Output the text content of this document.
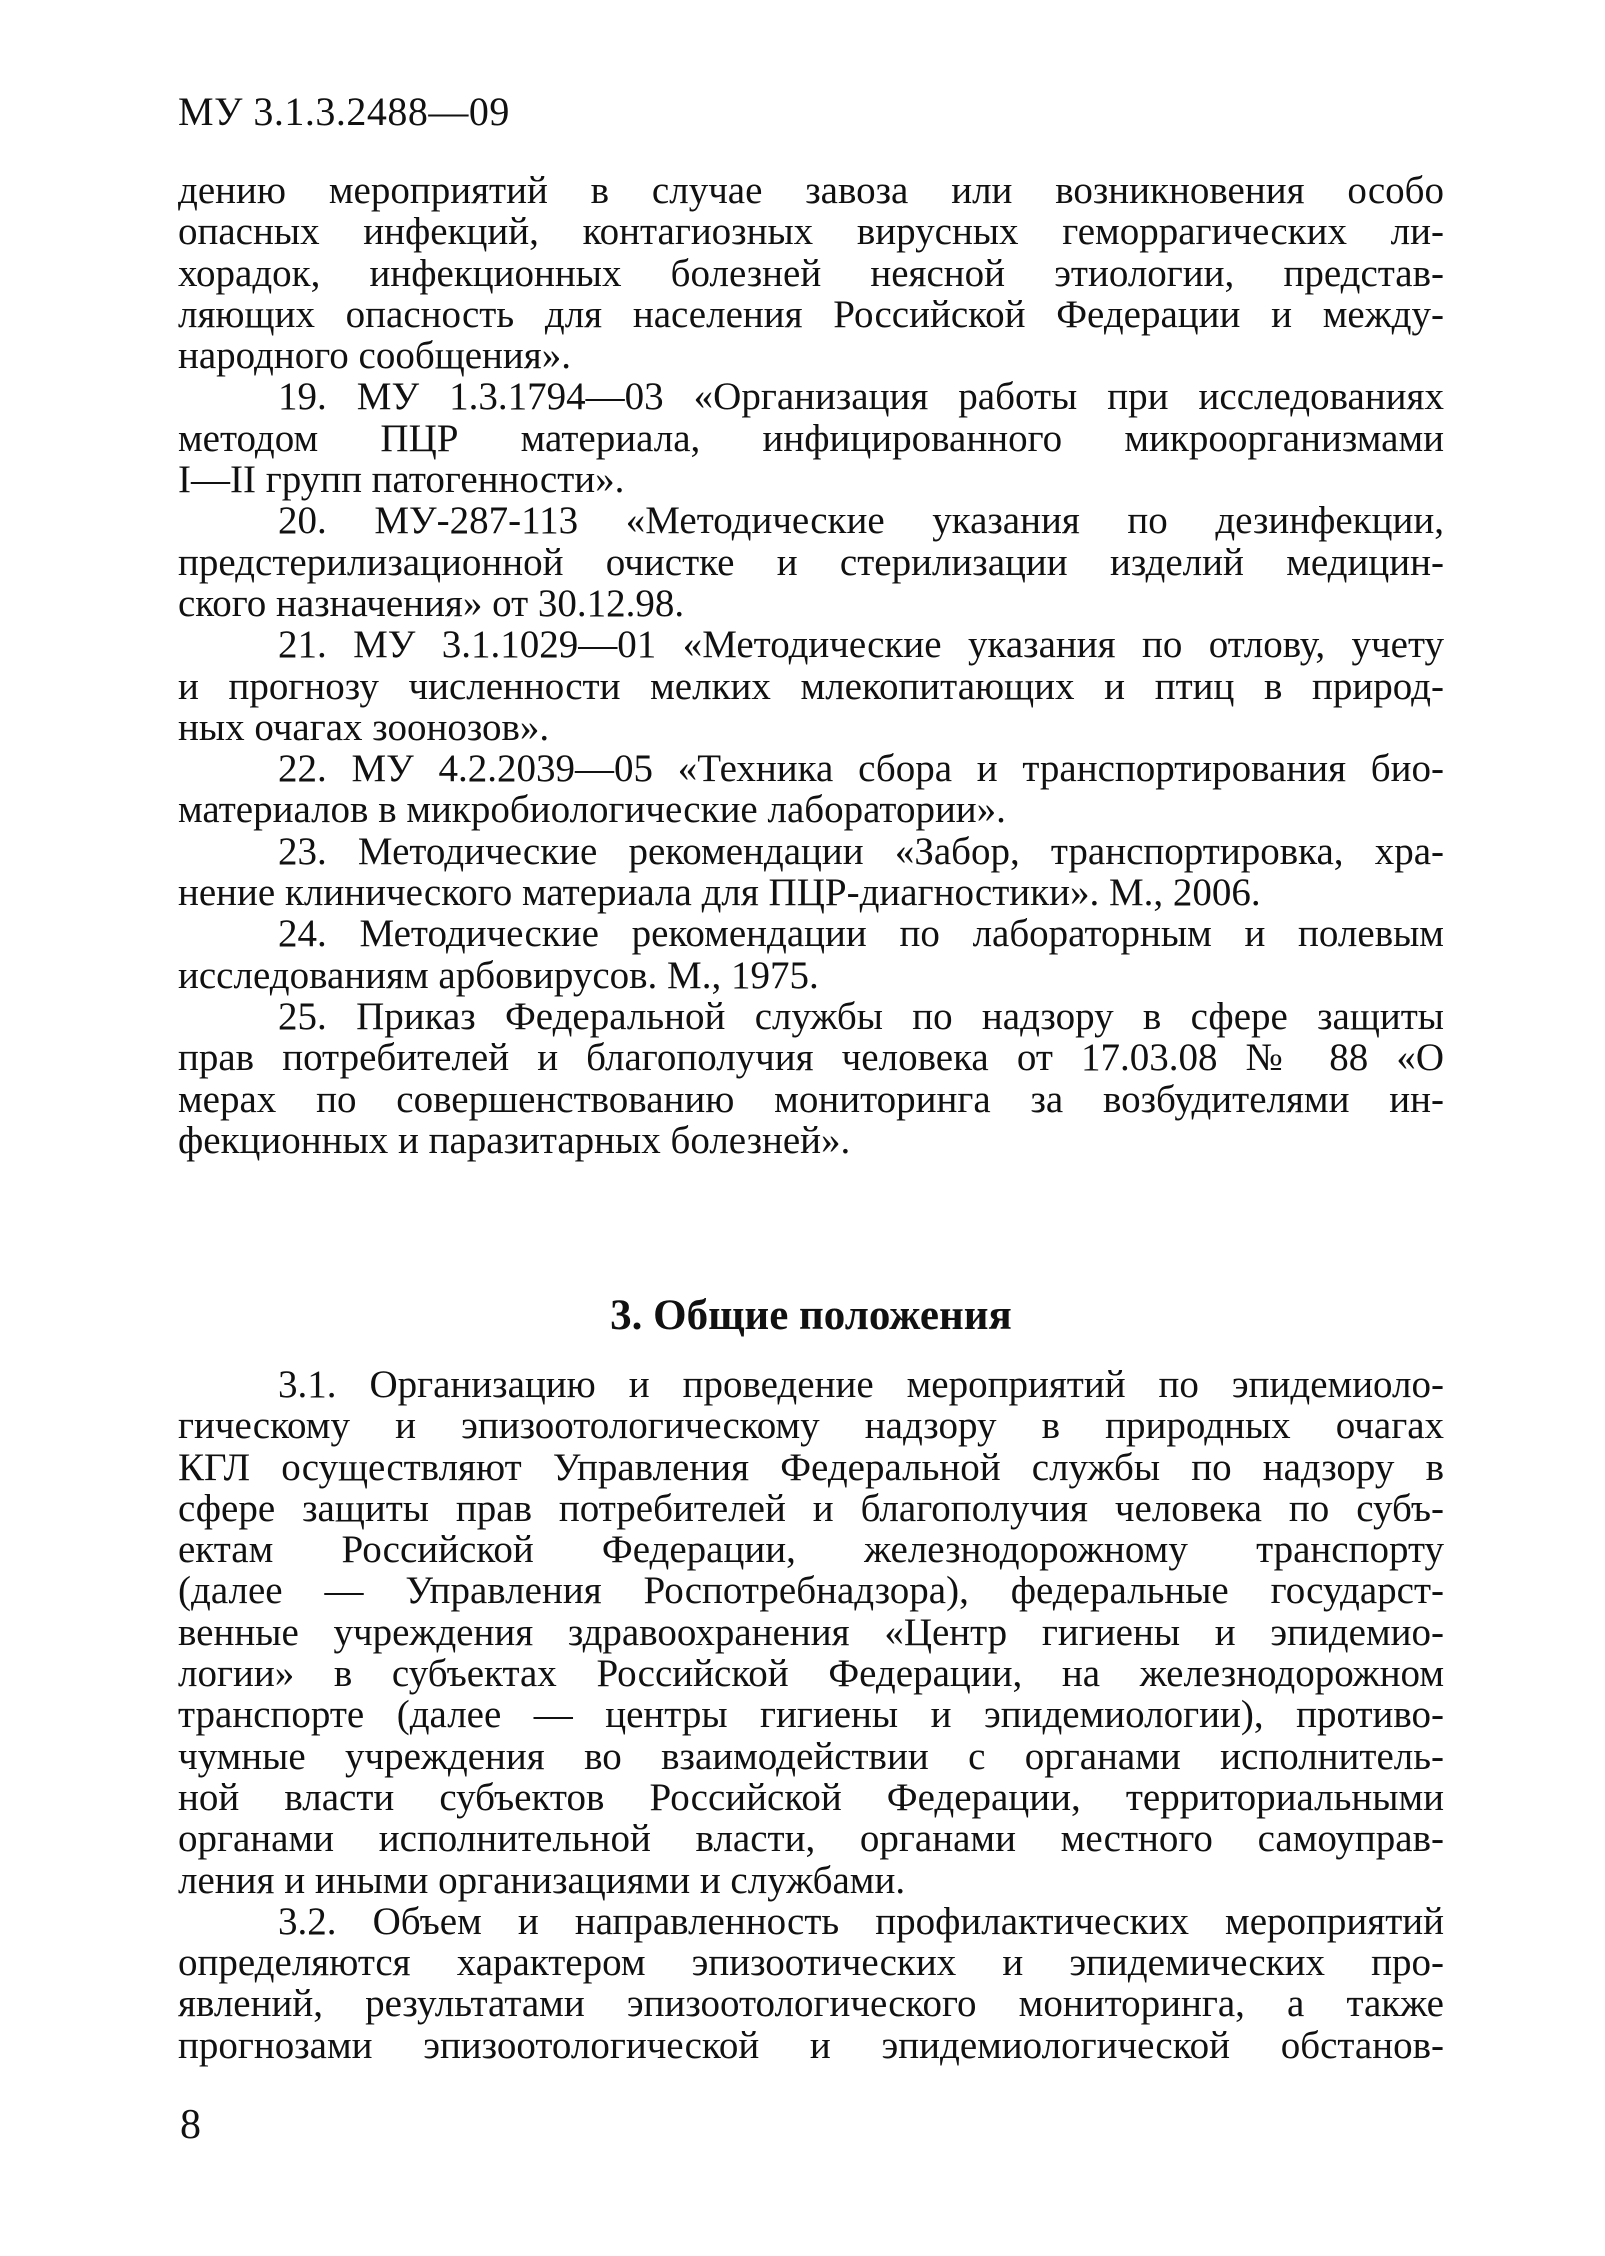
МУ 3.1.3.2488—09
дению мероприятий в случае завоза или возникновения особо
опасных инфекций, контагиозных вирусных геморрагических ли-
хорадок, инфекционных болезней неясной этиологии, представ-
ляющих опасность для населения Российской Федерации и между-
народного сообщения».
19. МУ 1.3.1794—03 «Организация работы при исследованиях
методом ПЦР материала, инфицированного микроорганизмами
I—II групп патогенности».
20. МУ-287-113 «Методические указания по дезинфекции,
предстерилизационной очистке и стерилизации изделий медицин-
ского назначения» от 30.12.98.
21. МУ 3.1.1029—01 «Методические указания по отлову, учету
и прогнозу численности мелких млекопитающих и птиц в природ-
ных очагах зоонозов».
22. МУ 4.2.2039—05 «Техника сбора и транспортирования био-
материалов в микробиологические лаборатории».
23. Методические рекомендации «Забор, транспортировка, хра-
нение клинического материала для ПЦР-диагностики». М., 2006.
24. Методические рекомендации по лабораторным и полевым
исследованиям арбовирусов. М., 1975.
25. Приказ Федеральной службы по надзору в сфере защиты
прав потребителей и благополучия человека от 17.03.08 № 88 «О
мерах по совершенствованию мониторинга за возбудителями ин-
фекционных и паразитарных болезней».
3. Общие положения
3.1. Организацию и проведение мероприятий по эпидемиоло-
гическому и эпизоотологическому надзору в природных очагах
КГЛ осуществляют Управления Федеральной службы по надзору в
сфере защиты прав потребителей и благополучия человека по субъ-
ектам Российской Федерации, железнодорожному транспорту
(далее — Управления Роспотребнадзора), федеральные государст-
венные учреждения здравоохранения «Центр гигиены и эпидемио-
логии» в субъектах Российской Федерации, на железнодорожном
транспорте (далее — центры гигиены и эпидемиологии), противо-
чумные учреждения во взаимодействии с органами исполнитель-
ной власти субъектов Российской Федерации, территориальными
органами исполнительной власти, органами местного самоуправ-
ления и иными организациями и службами.
3.2. Объем и направленность профилактических мероприятий
определяются характером эпизоотических и эпидемических про-
явлений, результатами эпизоотологического мониторинга, а также
прогнозами эпизоотологической и эпидемиологической обстанов-
8
